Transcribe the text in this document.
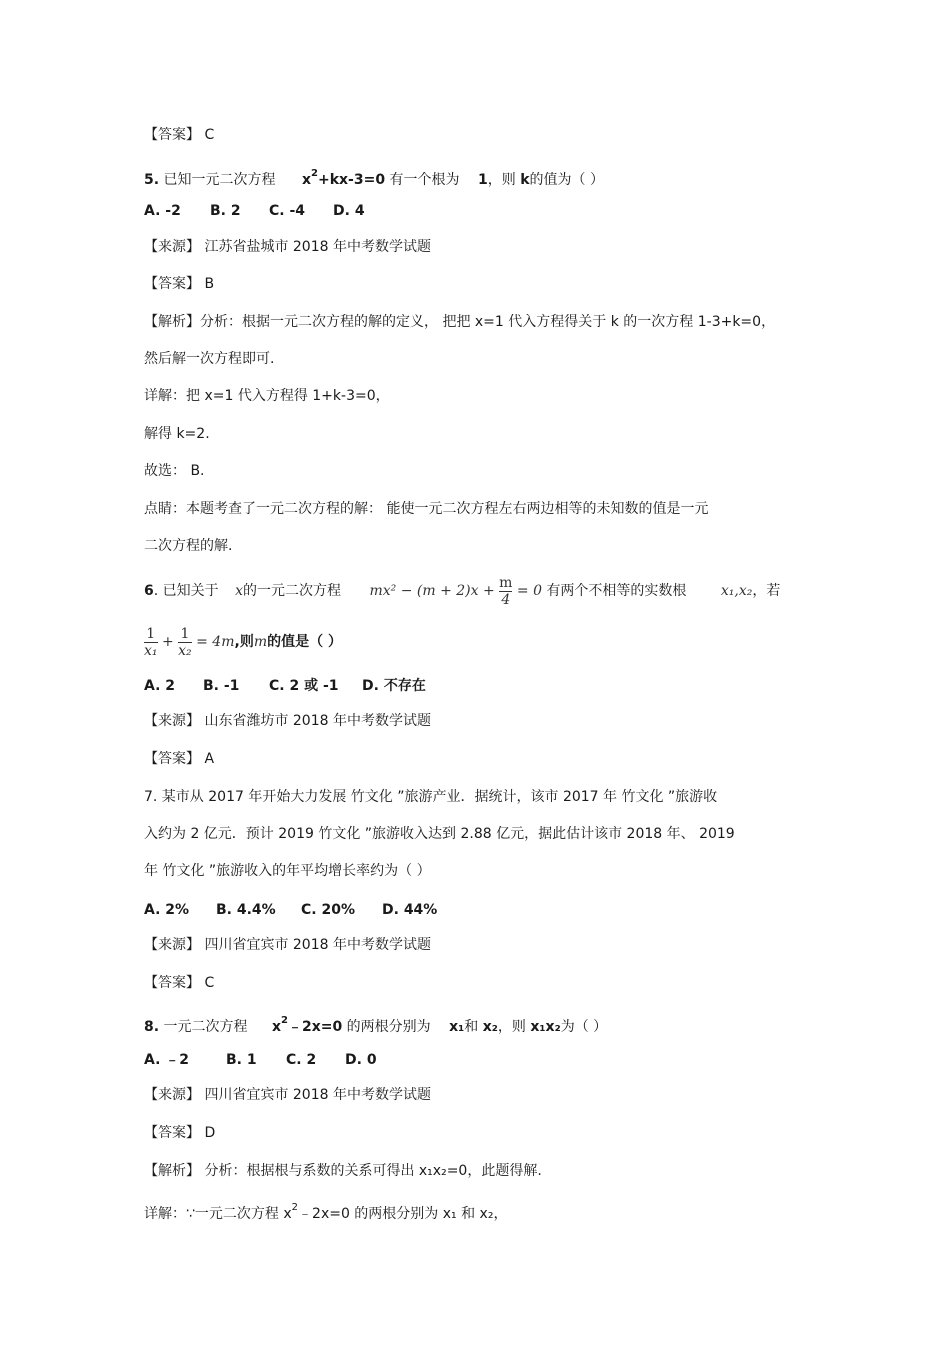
【答案】 C
5. 已知一元二次方程 $x^2+kx-3=0$ 有一个根为 1，则 k的值为（ ）
A. -2 B. 2 C. -4 D. 4
【来源】 江苏省盐城市 2018 年中考数学试题
【答案】 B
【解析】分析：根据一元二次方程的解的定义， 把把 x=1 代入方程得关于 k 的一次方程 1-3+k=0，
然后解一次方程即可.
详解：把 x=1 代入方程得 1+k-3=0，
解得 k=2.
故选： B.
点睛：本题考查了一元二次方程的解： 能使一元二次方程左右两边相等的未知数的值是一元
二次方程的解.
6. 已知关于 x的一元二次方程 $mx^2 - (m + 2)x + \frac{m}{4} = 0$ 有两个不相等的实数根 x₁,x₂，若
$\frac{1}{\text{x₁}} + \frac{1}{\text{x₂}} = 4m$,则m的值是（ ）
A. 2 B. -1 C. 2 或 -1 D. 不存在
【来源】 山东省潍坊市 2018 年中考数学试题
【答案】 A
7. 某市从 2017 年开始大力发展 竹文化 ”旅游产业．据统计，该市 2017 年 竹文化 ”旅游收
入约为 2 亿元．预计 2019 竹文化 ”旅游收入达到 2.88 亿元，据此估计该市 2018 年、 2019
年 竹文化 ”旅游收入的年平均增长率约为（ ）
A. 2% B. 4.4% C. 20% D. 44%
【来源】 四川省宜宾市 2018 年中考数学试题
【答案】 C
8. 一元二次方程 $x^2﹣2x=0$ 的两根分别为 x₁和 x₂，则 x₁x₂为（ ）
A. ﹣2	B. 1 C. 2 D. 0
【来源】 四川省宜宾市 2018 年中考数学试题
【答案】 D
【解析】 分析：根据根与系数的关系可得出 x₁x₂=0，此题得解.
详解：∵一元二次方程 $x^2﹣2x=0$ 的两根分别为 x₁ 和 x₂，
